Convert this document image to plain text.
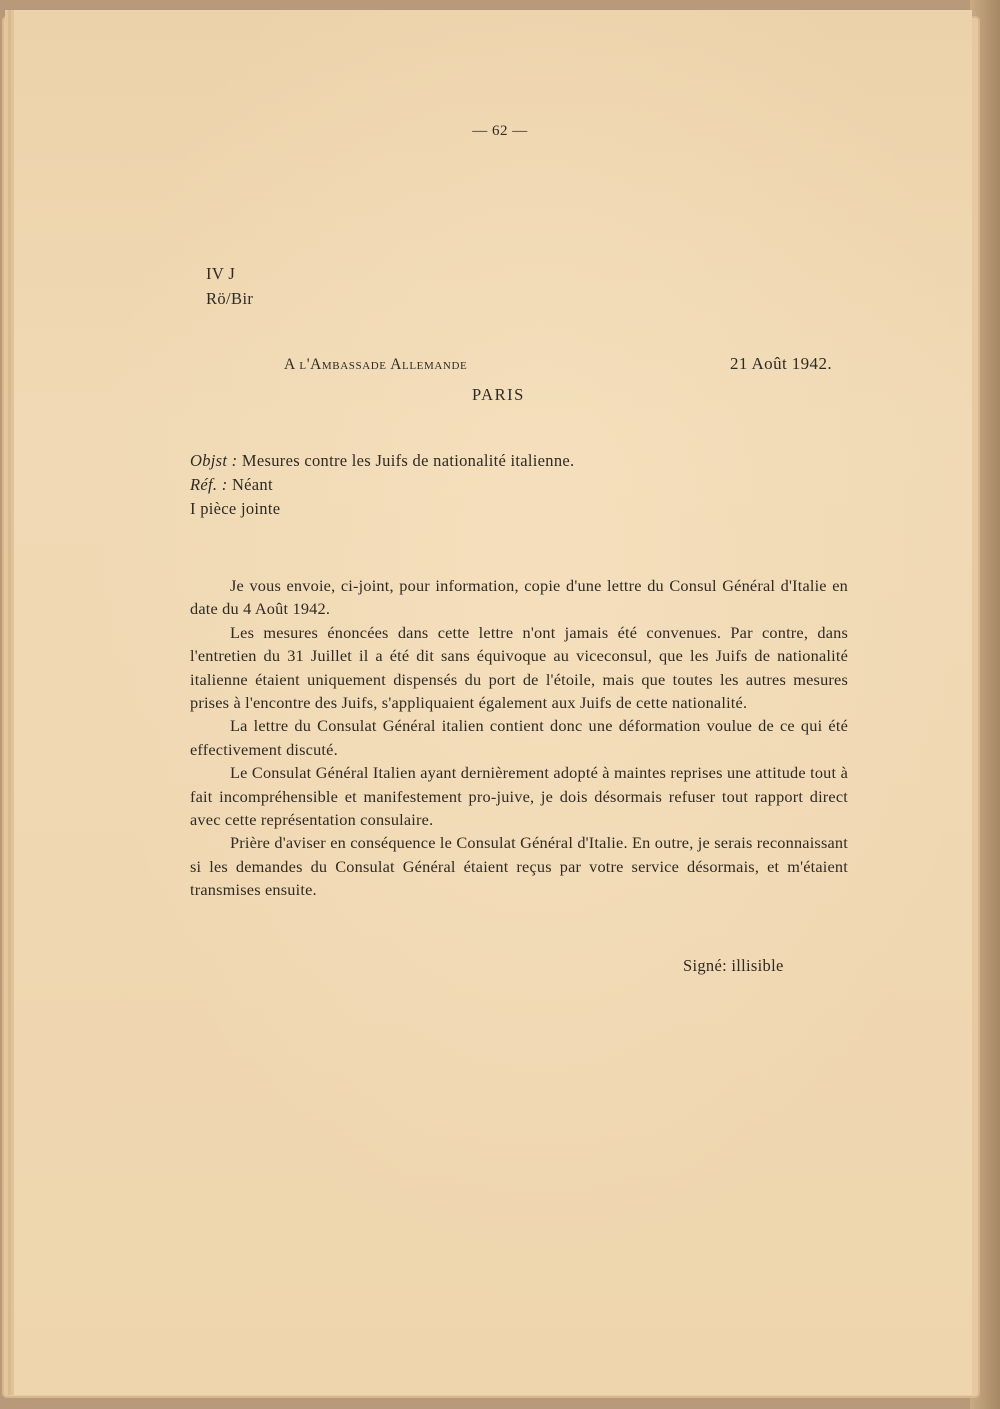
— 62 —
IV J
Rö/Bir
A l'Ambassade Allemande	21 Août 1942.
PARIS
Objst : Mesures contre les Juifs de nationalité italienne.
Réf. : Néant
I pièce jointe

Je vous envoie, ci-joint, pour information, copie d'une lettre du Consul Général d'Italie en date du 4 Août 1942.

Les mesures énoncées dans cette lettre n'ont jamais été convenues. Par contre, dans l'entretien du 31 Juillet il a été dit sans équivoque au viceconsul, que les Juifs de nationalité italienne étaient uniquement dispensés du port de l'étoile, mais que toutes les autres mesures prises à l'encontre des Juifs, s'appliquaient également aux Juifs de cette nationalité.

La lettre du Consulat Général italien contient donc une déformation voulue de ce qui été effectivement discuté.

Le Consulat Général Italien ayant dernièrement adopté à maintes reprises une attitude tout à fait incompréhensible et manifestement pro-juive, je dois désormais refuser tout rapport direct avec cette représentation consulaire.

Prière d'aviser en conséquence le Consulat Général d'Italie. En outre, je serais reconnaissant si les demandes du Consulat Général étaient reçus par votre service désormais, et m'étaient transmises ensuite.

Signé: illisible
